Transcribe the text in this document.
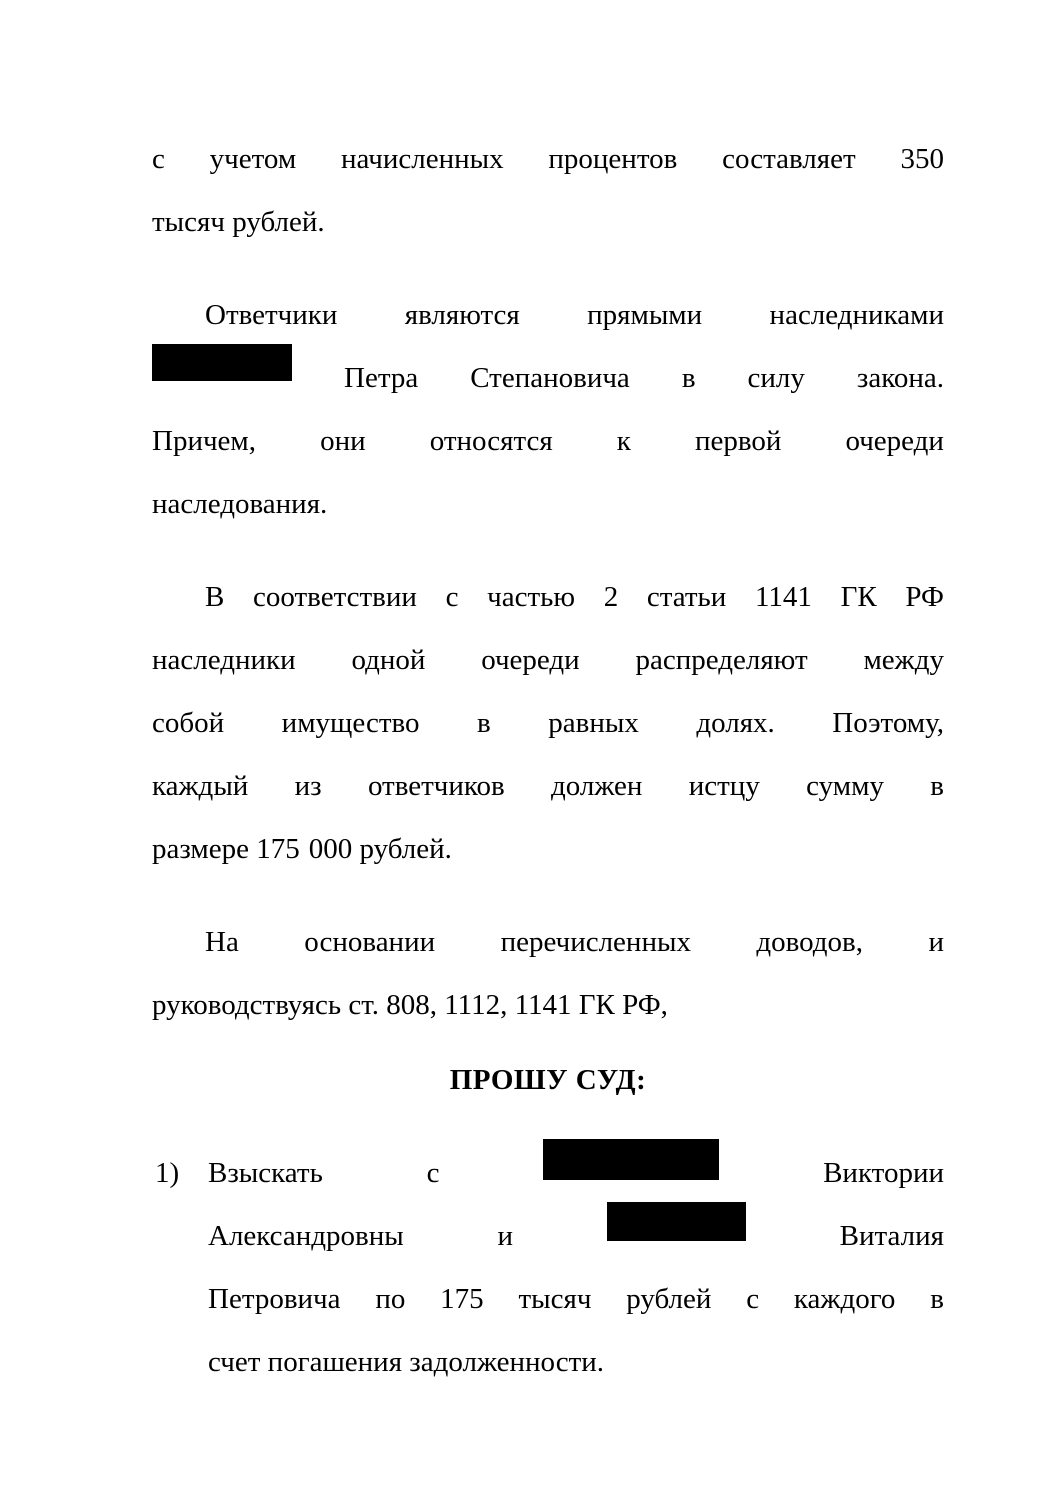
с учетом начисленных процентов составляет 350
тысяч рублей.
Ответчики являются прямыми наследниками
Петра Степановича в силу закона.
Причем, они относятся к первой очереди
наследования.
В соответствии с частью 2 статьи 1141 ГК РФ
наследники одной очереди распределяют между
собой имущество в равных долях. Поэтому,
каждый из ответчиков должен истцу сумму в
размере 175 000 рублей.
На основании перечисленных доводов, и
руководствуясь ст. 808, 1112, 1141 ГК РФ,
ПРОШУ СУД:
1) Взыскать	с	Виктории
Александровны	и	Виталия
Петровича по 175 тысяч рублей с каждого в
счет погашения задолженности.
